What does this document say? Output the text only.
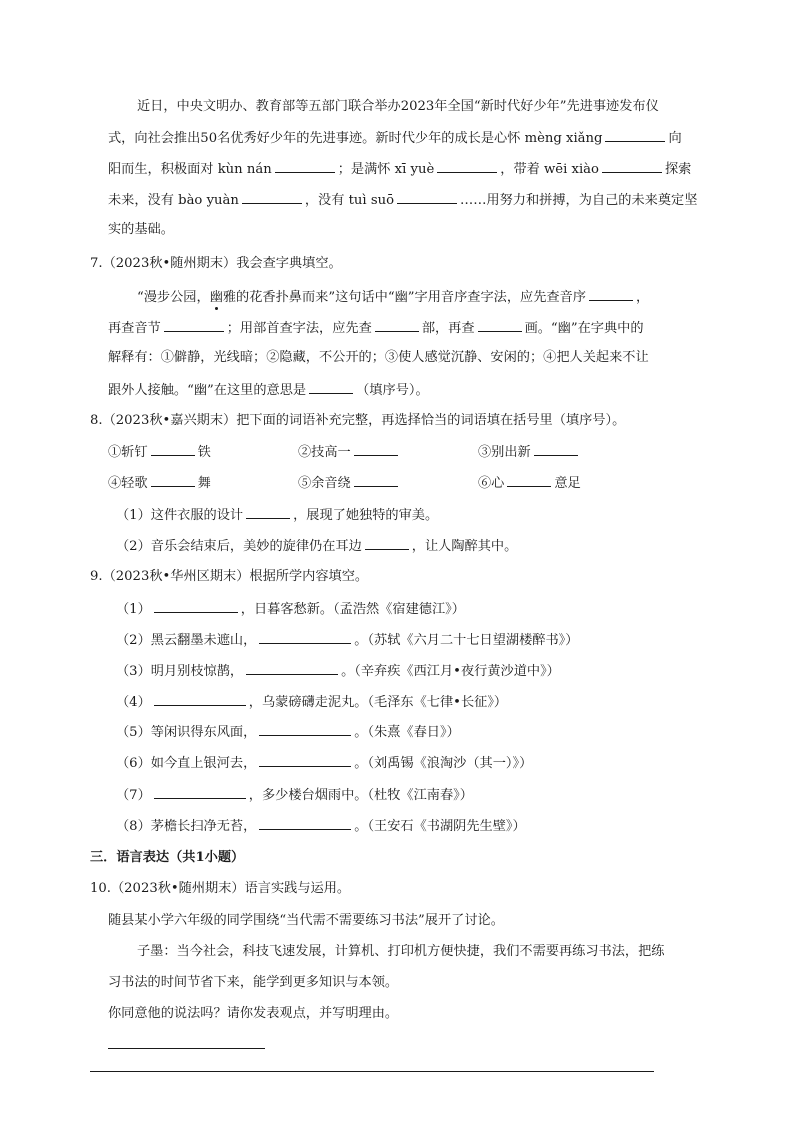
近日，中央文明办、教育部等五部门联合举办2023年全国“新时代好少年”先进事迹发布仪
式，向社会推出50名优秀好少年的先进事迹。新时代少年的成长是心怀 mèng xiǎng	向
阳而生，积极面对 kùn nán	；是满怀 xī yuè	，带着 wēi xiào	探索
未来，没有 bào yuàn	，没有 tuì suō	……用努力和拼搏，为自己的未来奠定坚
实的基础。
7.（2023秋•随州期末）我会查字典填空。
“漫步公园，幽雅的花香扑鼻而来”这句话中“幽”字用音序查字法，应先查音序	，
再查音节	；用部首查字法，应先查	部，再查	画。“幽”在字典中的
解释有：①僻静，光线暗；②隐藏，不公开的；③使人感觉沉静、安闲的；④把人关起来不让
跟外人接触。“幽”在这里的意思是	（填序号）。
8.（2023秋•嘉兴期末）把下面的词语补充完整，再选择恰当的词语填在括号里（填序号）。
①斩钉	铁	②技高一	③别出新
④轻歌	舞	⑤余音绕	⑥心	意足
（1）这件衣服的设计	，展现了她独特的审美。
（2）音乐会结束后，美妙的旋律仍在耳边	，让人陶醉其中。
9.（2023秋•华州区期末）根据所学内容填空。
（1）	，日暮客愁新。（孟浩然《宿建德江》）
（2）黑云翻墨未遮山，	。（苏轼《六月二十七日望湖楼醉书》）
（3）明月别枝惊鹊，	。（辛弃疾《西江月•夜行黄沙道中》）
（4）	，乌蒙磅礴走泥丸。（毛泽东《七律•长征》）
（5）等闲识得东风面，	。（朱熹《春日》）
（6）如今直上银河去，	。（刘禹锡《浪淘沙（其一）》）
（7）	，多少楼台烟雨中。（杜牧《江南春》）
（8）茅檐长扫净无苔，	。（王安石《书湖阴先生壁》）
三．语言表达（共1小题）
10.（2023秋•随州期末）语言实践与运用。
随县某小学六年级的同学围绕“当代需不需要练习书法”展开了讨论。
子墨：当今社会，科技飞速发展，计算机、打印机方便快捷，我们不需要再练习书法，把练
习书法的时间节省下来，能学到更多知识与本领。
你同意他的说法吗？请你发表观点，并写明理由。
